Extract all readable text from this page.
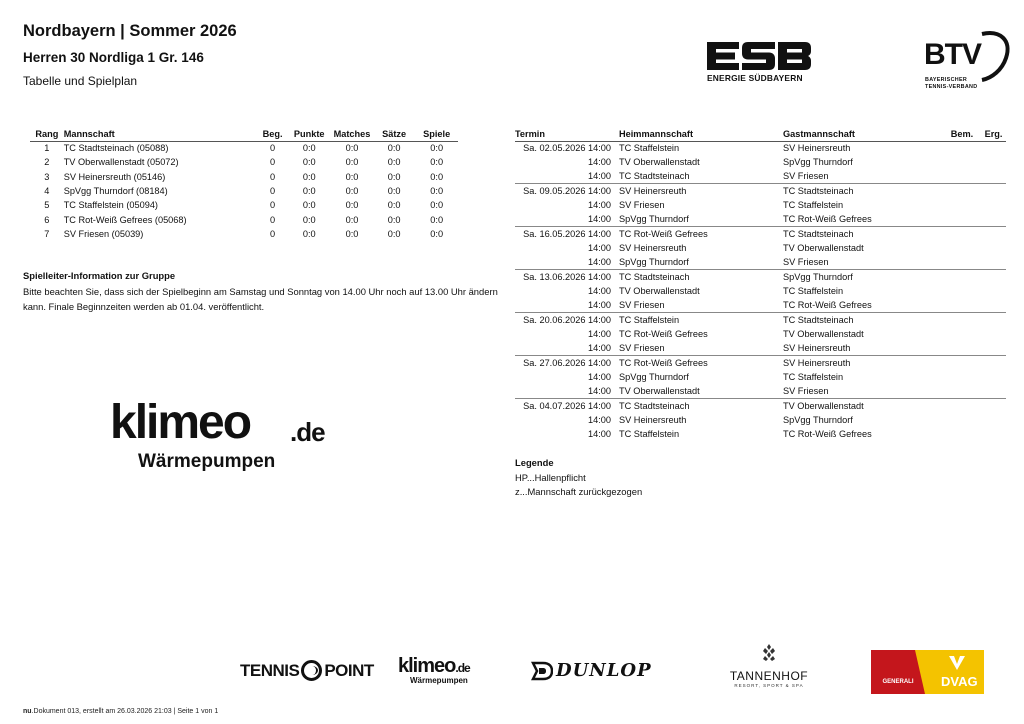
Nordbayern | Sommer 2026
Herren 30 Nordliga 1 Gr. 146
Tabelle und Spielplan	ENERGIE SÜDBAYERN
BTV
BAYERISCHER
TENNIS-VERBAND
Rang	Mannschaft	Beg.	Punkte	Matches	Sätze	Spiele
1	TC Stadtsteinach (05088)	0	0:0	0:0	0:0	0:0
2	TV Oberwallenstadt (05072)	0	0:0	0:0	0:0	0:0
3	SV Heinersreuth (05146)	0	0:0	0:0	0:0	0:0
4	SpVgg Thurndorf (08184)	0	0:0	0:0	0:0	0:0
5	TC Staffelstein (05094)	0	0:0	0:0	0:0	0:0
6	TC Rot-Weiß Gefrees (05068)	0	0:0	0:0	0:0	0:0
7	SV Friesen (05039)	0	0:0	0:0	0:0	0:0
Spielleiter-Information zur Gruppe
Bitte beachten Sie, dass sich der Spielbeginn am Samstag und Sonntag von 14.00 Uhr noch auf 13.00 Uhr ändern kann. Finale Beginnzeiten werden ab 01.04. veröffentlicht.
klimeo .de
Wärmepumpen
Termin	Heimmannschaft	Gastmannschaft	Bem.	Erg.
Sa. 02.05.2026 14:00	TC Staffelstein	SV Heinersreuth		
14:00	TV Oberwallenstadt	SpVgg Thurndorf		
14:00	TC Stadtsteinach	SV Friesen		
Sa. 09.05.2026 14:00	SV Heinersreuth	TC Stadtsteinach		
14:00	SV Friesen	TC Staffelstein		
14:00	SpVgg Thurndorf	TC Rot-Weiß Gefrees		
Sa. 16.05.2026 14:00	TC Rot-Weiß Gefrees	TC Stadtsteinach		
14:00	SV Heinersreuth	TV Oberwallenstadt		
14:00	SpVgg Thurndorf	SV Friesen		
Sa. 13.06.2026 14:00	TC Stadtsteinach	SpVgg Thurndorf		
14:00	TV Oberwallenstadt	TC Staffelstein		
14:00	SV Friesen	TC Rot-Weiß Gefrees		
Sa. 20.06.2026 14:00	TC Staffelstein	TC Stadtsteinach		
14:00	TC Rot-Weiß Gefrees	TV Oberwallenstadt		
14:00	SV Friesen	SV Heinersreuth		
Sa. 27.06.2026 14:00	TC Rot-Weiß Gefrees	SV Heinersreuth		
14:00	SpVgg Thurndorf	TC Staffelstein		
14:00	TV Oberwallenstadt	SV Friesen		
Sa. 04.07.2026 14:00	TC Stadtsteinach	TV Oberwallenstadt		
14:00	SV Heinersreuth	SpVgg Thurndorf		
14:00	TC Staffelstein	TC Rot-Weiß Gefrees		
Legende
HP...Hallenpflicht
z...Mannschaft zurückgezogen
TENNIS POINT klimeo.de
Wärmepumpen	DUNLOP	TANNENHOF
RESORT, SPORT & SPA
GENERALI	DVAG
nu.Dokument 013, erstellt am 26.03.2026 21:03 | Seite 1 von 1
